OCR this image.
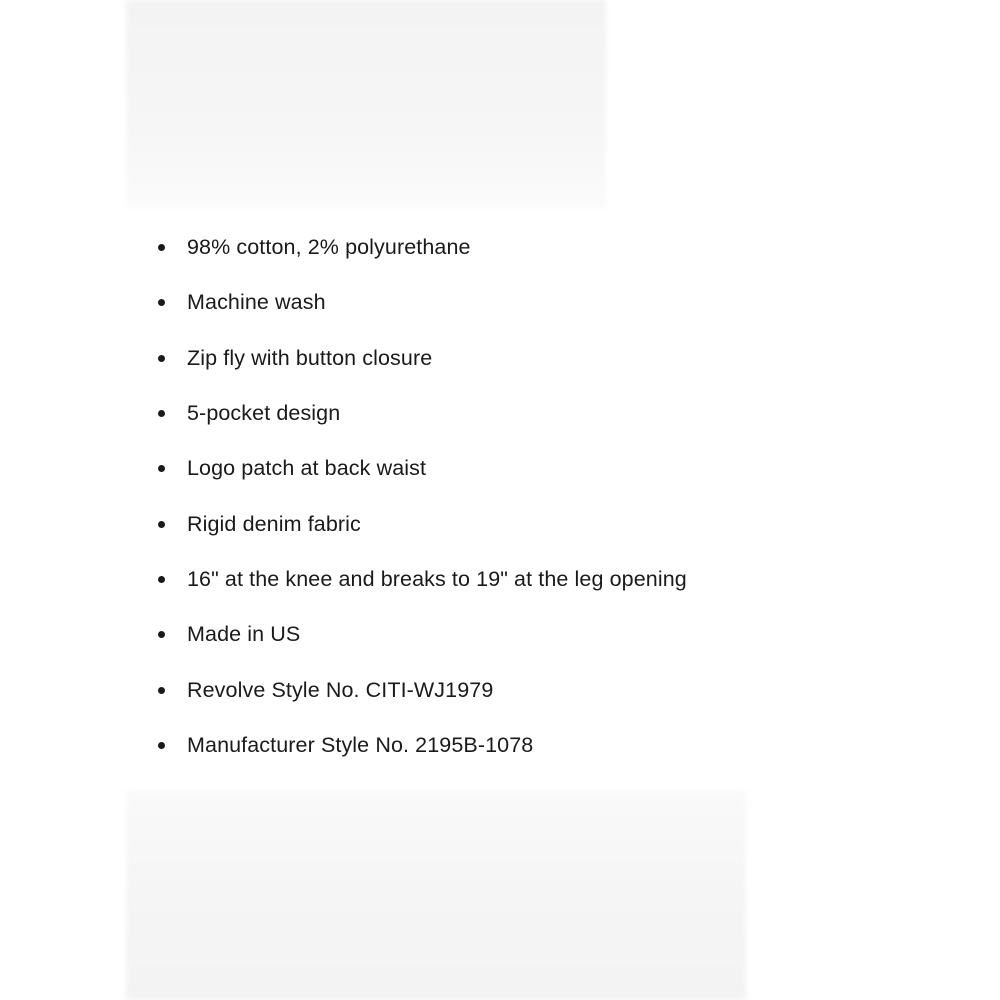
98% cotton, 2% polyurethane
Machine wash
Zip fly with button closure
5-pocket design
Logo patch at back waist
Rigid denim fabric
16" at the knee and breaks to 19" at the leg opening
Made in US
Revolve Style No. CITI-WJ1979
Manufacturer Style No. 2195B-1078
